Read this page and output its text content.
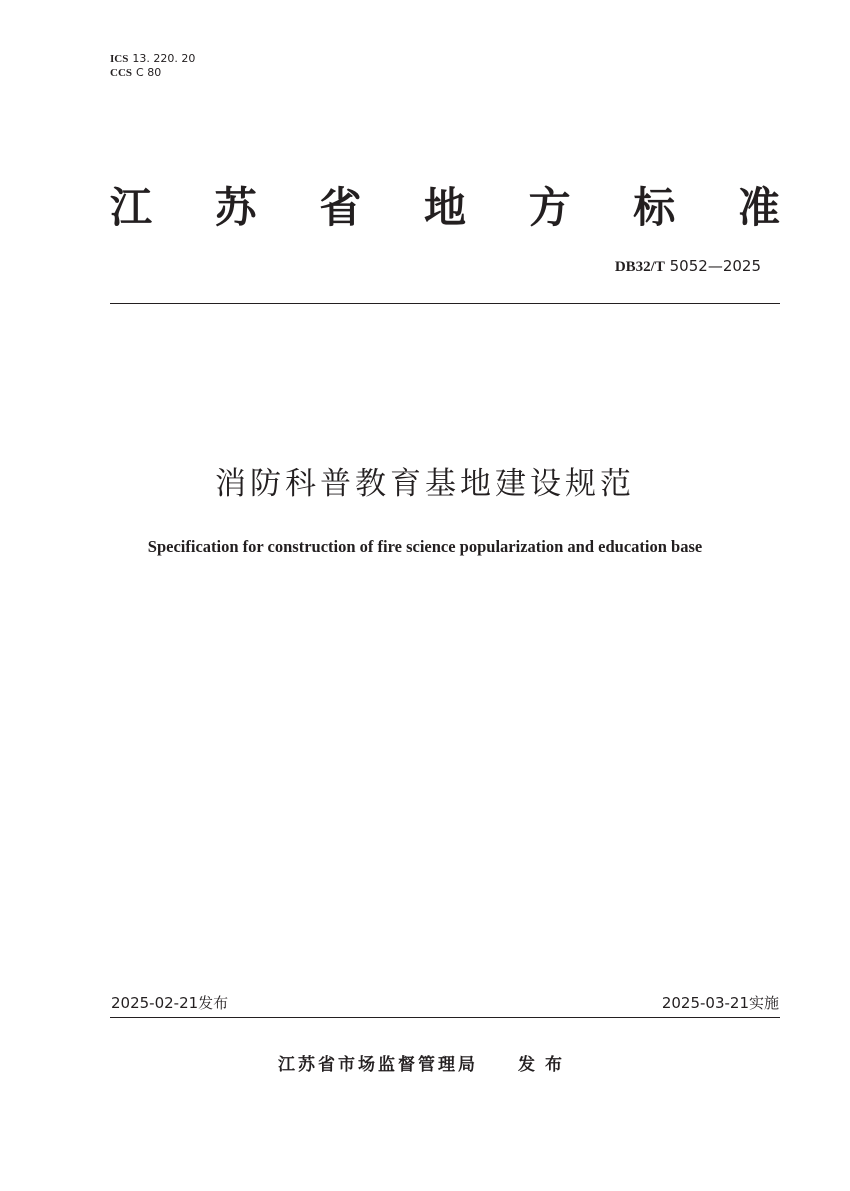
ICS 13. 220. 20
CCS C 80
江 苏 省 地 方 标 准
DB32/T 5052—2025
消防科普教育基地建设规范
Specification for construction of fire science popularization and education base
2025-02-21发布	2025-03-21实施
江苏省市场监督管理局 发布
